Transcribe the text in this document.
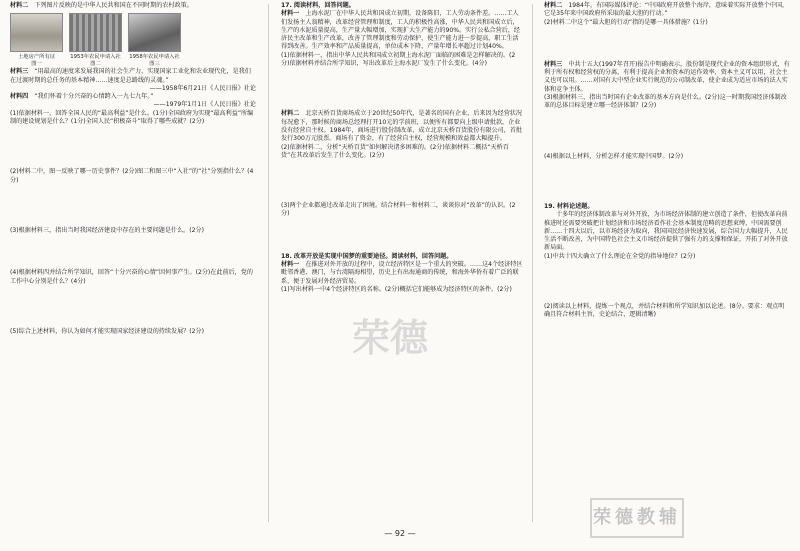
材料二　 下列图片反映的是中华人民共和国在不同时期的农村政策。

土地房产所有证	1953年农民申请入社 1958年农民申请入社
图一	图二	图三

材料三　 “用最高的速度来发展我国的社会生产力，实现国家工业化和农业现代化，是我们在过渡时期的总任务的基本精神……速度是总路线的灵魂。”

——1958年6月21日《人民日报》社论

材料四　 “我们怀着十分兴奋的心情跨入一九七九年。”

——1979年1月1日《人民日报》社论

(1)依据材料一，回答全国人民的“最高利益”是什么。(1分)全国政府为实现“最高利益”所编制的建设规划是什么？(1分)全国人民“积极奋斗”取得了哪些成就？(2分)

(2)材料二中，图一反映了哪一历史事件？(2分)图二和图三中“入社”的“社”分别指什么？(4分)

(3)根据材料三，指出当时我国经济建设中存在的主要问题是什么。(2分)

(4)根据材料四并结合所学知识，回答“十分兴奋的心情”因何事产生。(2分)在此前后，党的工作中心分别是什么？(4分)

(5)综合上述材料，你认为如何才能实现国家经济建设的持续发展？(2分)

17. 阅读材料，回答问题。

材料一　 上海水泥厂在中华人民共和国成立初期，设备陈旧，工人劳动条件差。……工人们发扬主人翁精神，改革经营管理和制度，工人的积极性高涨，中华人民共和国成立后，生产的水泥质量提高，生产量大幅增加，实现扩大生产能力的90%。实行公私合营后，经济民主改革和生产改革，改善了管理制度和劳动保护，使生产能力进一步提高，职工生活得到改善。生产效率和产品质量提高，单位成本下降，产量年增长率超过计划40%。

(1)依据材料一，指出中华人民共和国成立初期上海水泥厂面临的困难是怎样解决的。(2分)依据材料并结合所学知识，写出改革后上海水泥厂发生了什么变化。(4分)

材料二　 北京天桥百货商场成立于20世纪50年代，是著名的国有企业，后来因为经营状况每况愈下，那时候的商场总经理打开10元的学前班，以便所有都要向上级申请批款，企业没有经营自主权。1984年，商场进行股份制改革，成立北京天桥百货股份有限公司，首批发行300万元股票。商场有了资金，有了经营自主权，经营规模和效益都大幅提升。

(2)依据材料二，分析“天桥百货”如何解决诸多困难的。(2分)依据材料二概括“天桥百货”在其改革后发生了什么变化。(2分)

(3)两个企业都通过改革走出了困境。结合材料一和材料二，谈谈你对“改革”的认识。(2分)

18. 改革开放是实现中国梦的重要途径。阅读材料，回答问题。

材料一　 在推进对外开放的过程中，设立经济特区是一个重大的突破。……这4个经济特区毗邻香港、澳门，与台湾隔海相望，历史上有出海通商的传统，和海外华侨有着广泛的联系，便于发展对外经济贸易。

(1)写出材料一中4个经济特区的名称。(2分)概括它们能够成为经济特区的条件。(2分)

材料二　 1984年，有国际媒体评论：“中国政府开放整个海岸，意味着实际开放整个中国，它是35年来中国政府所采取的最大胆的行动。”

(2)材料二中这个“最大胆的行动”指的是哪一具体措施？(1分)

材料三　 中共十五大(1997年召开)报告中明确表示，股份制是现代企业的资本组织形式，有利于所有权和经营权的分离，有利于提高企业和资本的运作效率，资本主义可以用，社会主义也可以用。……对国有大中型企业实行规范的公司制改革，使企业成为适应市场的法人实体和竞争主体。

(3)根据材料三，指出当时国有企业改革的基本方向是什么。(2分)这一时期我国经济体制改革的总体目标是建立哪一经济体制？(2分)

(4)根据以上材料，分析怎样才能实现中国梦。(2分)

19. 材料论述题。

十多年的经济体制改革与对外开放，为市场经济体制的建立创造了条件，但使改革向前推进时还需要突破把计划经济和市场经济看作社会基本制度范畴的思想束缚，中国需要创新……十四大以后，以市场经济为取向，我国国民经济快速发展，综合国力大幅提升，人民生活不断改善，为中国特色社会主义市场经济提供了强有力的支撑和保证，开拓了对外开放新局面。

(1)中共十四大确立了什么理论在全党的指导地位？(2分)

(2)阅读以上材料，提炼一个观点，并结合材料和所学知识加以论述。(8分。要求：观点明确且符合材料主旨，史论结合，逻辑清晰)

荣德
荣德教辅
— 92 —
